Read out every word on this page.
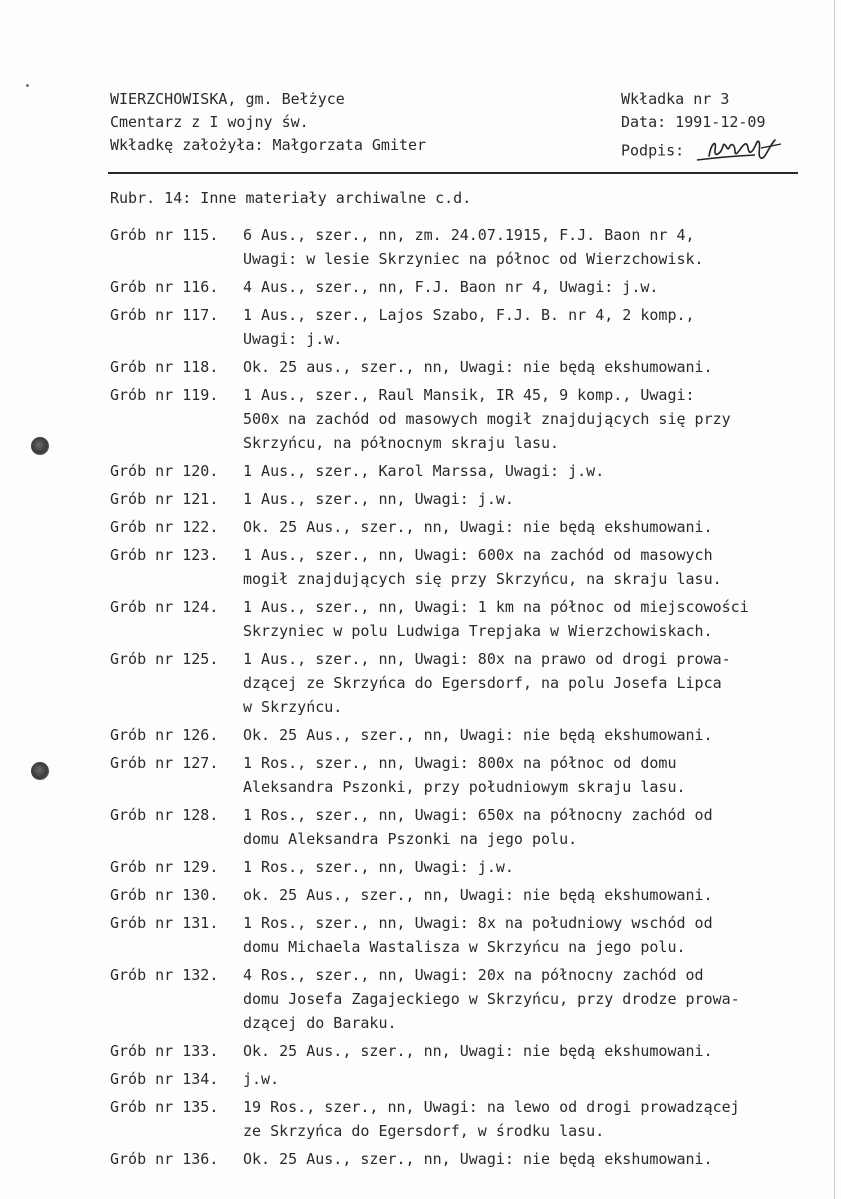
WIERZCHOWISKA, gm. Bełżyce
Cmentarz z I wojny św.
Wkładkę założyła: Małgorzata Gmiter
Wkładka nr 3
Data: 1991-12-09
Podpis:
Rubr. 14: Inne materiały archiwalne c.d.
Grób nr 115.	6 Aus., szer., nn, zm. 24.07.1915, F.J. Baon nr 4,
Uwagi: w lesie Skrzyniec na północ od Wierzchowisk.
Grób nr 116.	4 Aus., szer., nn, F.J. Baon nr 4, Uwagi: j.w.
Grób nr 117.	1 Aus., szer., Lajos Szabo, F.J. B. nr 4, 2 komp.,
Uwagi: j.w.
Grób nr 118.	Ok. 25 aus., szer., nn, Uwagi: nie będą ekshumowani.
Grób nr 119.	1 Aus., szer., Raul Mansik, IR 45, 9 komp., Uwagi:
500x na zachód od masowych mogił znajdujących się przy
Skrzyńcu, na północnym skraju lasu.
Grób nr 120.	1 Aus., szer., Karol Marssa, Uwagi: j.w.
Grób nr 121.	1 Aus., szer., nn, Uwagi: j.w.
Grób nr 122.	Ok. 25 Aus., szer., nn, Uwagi: nie będą ekshumowani.
Grób nr 123.	1 Aus., szer., nn, Uwagi: 600x na zachód od masowych
mogił znajdujących się przy Skrzyńcu, na skraju lasu.
Grób nr 124.	1 Aus., szer., nn, Uwagi: 1 km na północ od miejscowości
Skrzyniec w polu Ludwiga Trepjaka w Wierzchowiskach.
Grób nr 125.	1 Aus., szer., nn, Uwagi: 80x na prawo od drogi prowa-
dzącej ze Skrzyńca do Egersdorf, na polu Josefa Lipca
w Skrzyńcu.
Grób nr 126.	Ok. 25 Aus., szer., nn, Uwagi: nie będą ekshumowani.
Grób nr 127.	1 Ros., szer., nn, Uwagi: 800x na północ od domu
Aleksandra Pszonki, przy południowym skraju lasu.
Grób nr 128.	1 Ros., szer., nn, Uwagi: 650x na północny zachód od
domu Aleksandra Pszonki na jego polu.
Grób nr 129.	1 Ros., szer., nn, Uwagi: j.w.
Grób nr 130.	ok. 25 Aus., szer., nn, Uwagi: nie będą ekshumowani.
Grób nr 131.	1 Ros., szer., nn, Uwagi: 8x na południowy wschód od
domu Michaela Wastalisza w Skrzyńcu na jego polu.
Grób nr 132.	4 Ros., szer., nn, Uwagi: 20x na północny zachód od
domu Josefa Zagajeckiego w Skrzyńcu, przy drodze prowa-
dzącej do Baraku.
Grób nr 133.	Ok. 25 Aus., szer., nn, Uwagi: nie będą ekshumowani.
Grób nr 134.	j.w.
Grób nr 135.	19 Ros., szer., nn, Uwagi: na lewo od drogi prowadzącej
ze Skrzyńca do Egersdorf, w środku lasu.
Grób nr 136.	Ok. 25 Aus., szer., nn, Uwagi: nie będą ekshumowani.
